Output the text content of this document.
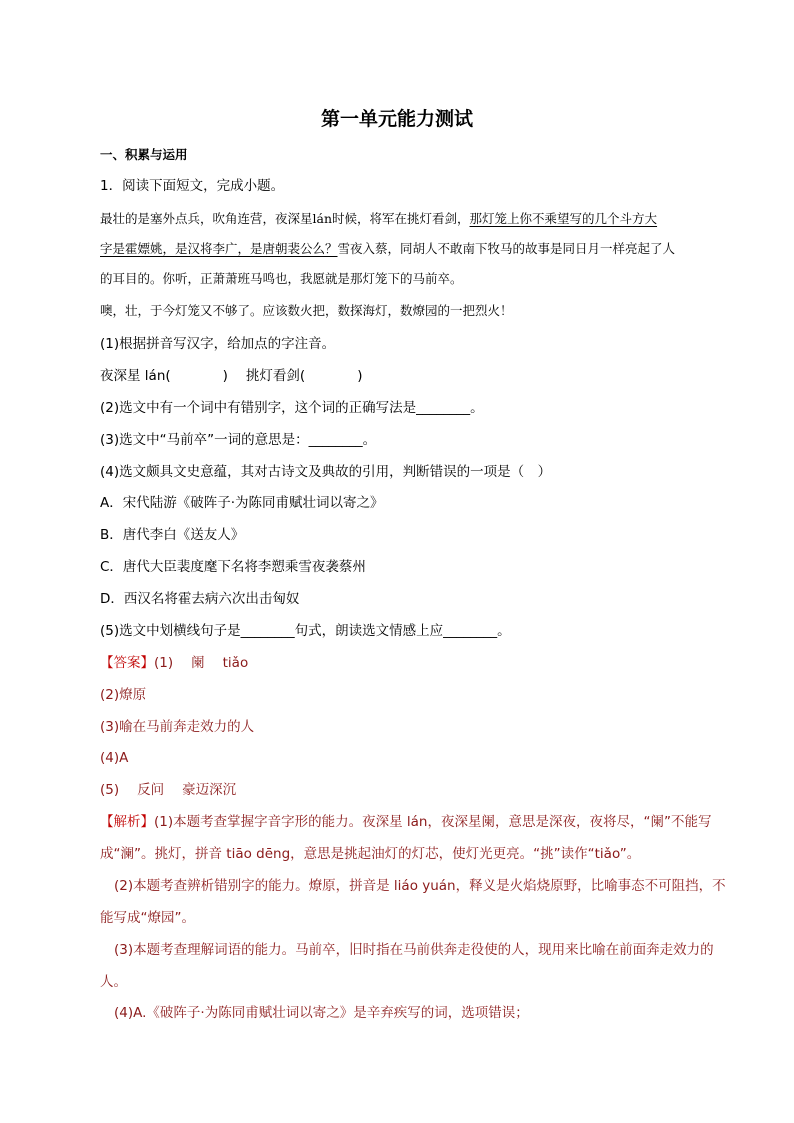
第一单元能力测试
一、积累与运用
1．阅读下面短文，完成小题。
最壮的是塞外点兵，吹角连营，夜深星lán时候，将军在挑灯看剑，那灯笼上你不乘望写的几个斗方大
字是霍嫖姚，是汉将李广，是唐朝裴公么？雪夜入蔡，同胡人不敢南下牧马的故事是同日月一样亮起了人
的耳目的。你听，正萧萧班马鸣也，我愿就是那灯笼下的马前卒。
噢，壮，于今灯笼又不够了。应该数火把，数探海灯，数燎园的一把烈火！
(1)根据拼音写汉字，给加点的字注音。
夜深星 lán(	) 挑灯看剑(	)
(2)选文中有一个词中有错别字，这个词的正确写法是________。
(3)选文中“马前卒”一词的意思是：________。
(4)选文颇具文史意蕴，其对古诗文及典故的引用，判断错误的一项是（　）
A．宋代陆游《破阵子·为陈同甫赋壮词以寄之》
B．唐代李白《送友人》
C．唐代大臣裴度麾下名将李愬乘雪夜袭蔡州
D．西汉名将霍去病六次出击匈奴
(5)选文中划横线句子是________句式，朗读选文情感上应________。
【答案】(1) 阑 tiǎo
(2)燎原
(3)喻在马前奔走效力的人
(4)A
(5) 反问 豪迈深沉
【解析】(1)本题考查掌握字音字形的能力。夜深星 lán，夜深星阑，意思是深夜，夜将尽，“阑”不能写
成“澜”。挑灯，拼音 tiāo dēng，意思是挑起油灯的灯芯，使灯光更亮。“挑”读作“tiǎo”。
(2)本题考查辨析错别字的能力。燎原，拼音是 liáo yuán，释义是火焰烧原野，比喻事态不可阻挡，不
能写成“燎园”。
(3)本题考查理解词语的能力。马前卒，旧时指在马前供奔走役使的人，现用来比喻在前面奔走效力的
人。
(4)A.《破阵子·为陈同甫赋壮词以寄之》是辛弃疾写的词，选项错误；
